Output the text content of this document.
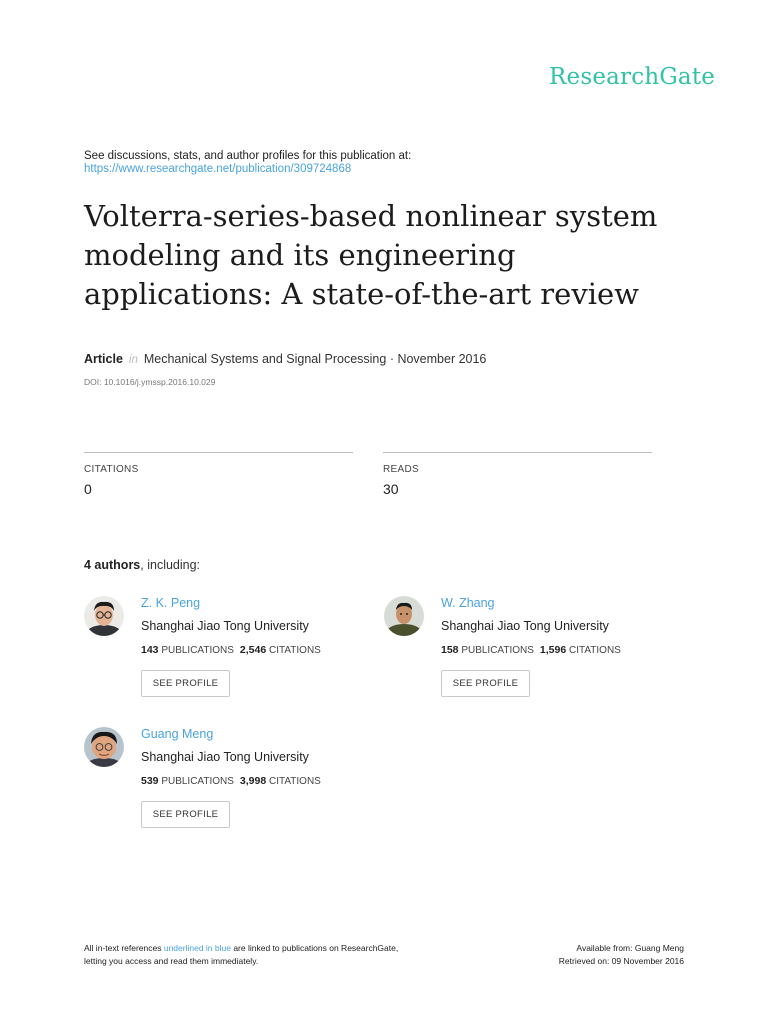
ResearchGate
See discussions, stats, and author profiles for this publication at:
https://www.researchgate.net/publication/309724868
Volterra-series-based nonlinear system modeling and its engineering applications: A state-of-the-art review
Article in Mechanical Systems and Signal Processing · November 2016
DOI: 10.1016/j.ymssp.2016.10.029
CITATIONS
0
READS
30
4 authors, including:
Z. K. Peng
Shanghai Jiao Tong University
143 PUBLICATIONS 2,546 CITATIONS
SEE PROFILE
W. Zhang
Shanghai Jiao Tong University
158 PUBLICATIONS 1,596 CITATIONS
SEE PROFILE
Guang Meng
Shanghai Jiao Tong University
539 PUBLICATIONS 3,998 CITATIONS
SEE PROFILE
All in-text references underlined in blue are linked to publications on ResearchGate,
letting you access and read them immediately.
Available from: Guang Meng
Retrieved on: 09 November 2016
